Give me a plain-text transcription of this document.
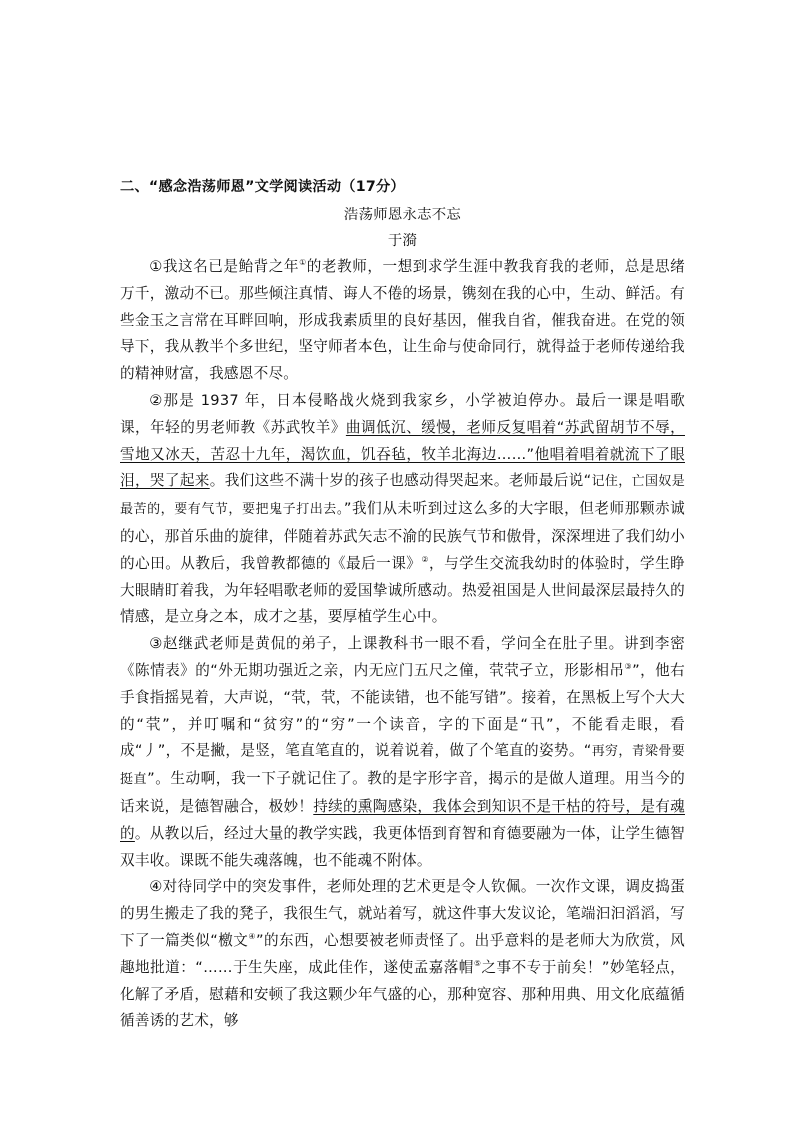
二、“感念浩荡师恩”文学阅读活动（17分）

浩荡师恩永志不忘

于漪

①我这名已是鲐背之年①的老教师，一想到求学生涯中教我育我的老师，总是思绪万千，激动不已。那些倾注真情、诲人不倦的场景，镌刻在我的心中，生动、鲜活。有些金玉之言常在耳畔回响，形成我素质里的良好基因，催我自省，催我奋进。在党的领导下，我从教半个多世纪，坚守师者本色，让生命与使命同行，就得益于老师传递给我的精神财富，我感恩不尽。

②那是 1937 年，日本侵略战火烧到我家乡，小学被迫停办。最后一课是唱歌课，年轻的男老师教《苏武牧羊》曲调低沉、缓慢，老师反复唱着“苏武留胡节不辱，雪地又冰天，苦忍十九年，渴饮血，饥吞毡，牧羊北海边……”他唱着唱着就流下了眼泪，哭了起来。我们这些不满十岁的孩子也感动得哭起来。老师最后说“记住，亡国奴是最苦的，要有气节，要把鬼子打出去。”我们从未听到过这么多的大字眼，但老师那颗赤诚的心，那首乐曲的旋律，伴随着苏武矢志不渝的民族气节和傲骨，深深埋进了我们幼小的心田。从教后，我曾教都德的《最后一课》②，与学生交流我幼时的体验时，学生睁大眼睛盯着我，为年轻唱歌老师的爱国挚诚所感动。热爱祖国是人世间最深层最持久的情感，是立身之本，成才之基，要厚植学生心中。

③赵继武老师是黄侃的弟子，上课教科书一眼不看，学问全在肚子里。讲到李密《陈情表》的“外无期功强近之亲，内无应门五尺之僮，茕茕孑立，形影相吊③”，他右手食指摇晃着，大声说，“茕，茕，不能读错，也不能写错”。接着，在黑板上写个大大的“茕”，并叮嘱和“贫穷”的“穷”一个读音，字的下面是“卂”，不能看走眼，看成“丿”，不是撇，是竖，笔直笔直的，说着说着，做了个笔直的姿势。“再穷，青梁骨要挺直”。生动啊，我一下子就记住了。教的是字形字音，揭示的是做人道理。用当今的话来说，是德智融合，极妙！持续的熏陶感染，我体会到知识不是干枯的符号，是有魂的。从教以后，经过大量的教学实践，我更体悟到育智和育德要融为一体，让学生德智双丰收。课既不能失魂落魄，也不能魂不附体。

④对待同学中的突发事件，老师处理的艺术更是令人钦佩。一次作文课，调皮捣蛋的男生搬走了我的凳子，我很生气，就站着写，就这件事大发议论，笔端汩汩滔滔，写下了一篇类似“檄文④”的东西，心想要被老师责怪了。出乎意料的是老师大为欣赏，风趣地批道：“……于生失座，成此佳作，遂使孟嘉落帽⑤之事不专于前矣！”妙笔轻点，化解了矛盾，慰藉和安顿了我这颗少年气盛的心，那种宽容、那种用典、用文化底蕴循循善诱的艺术，够
